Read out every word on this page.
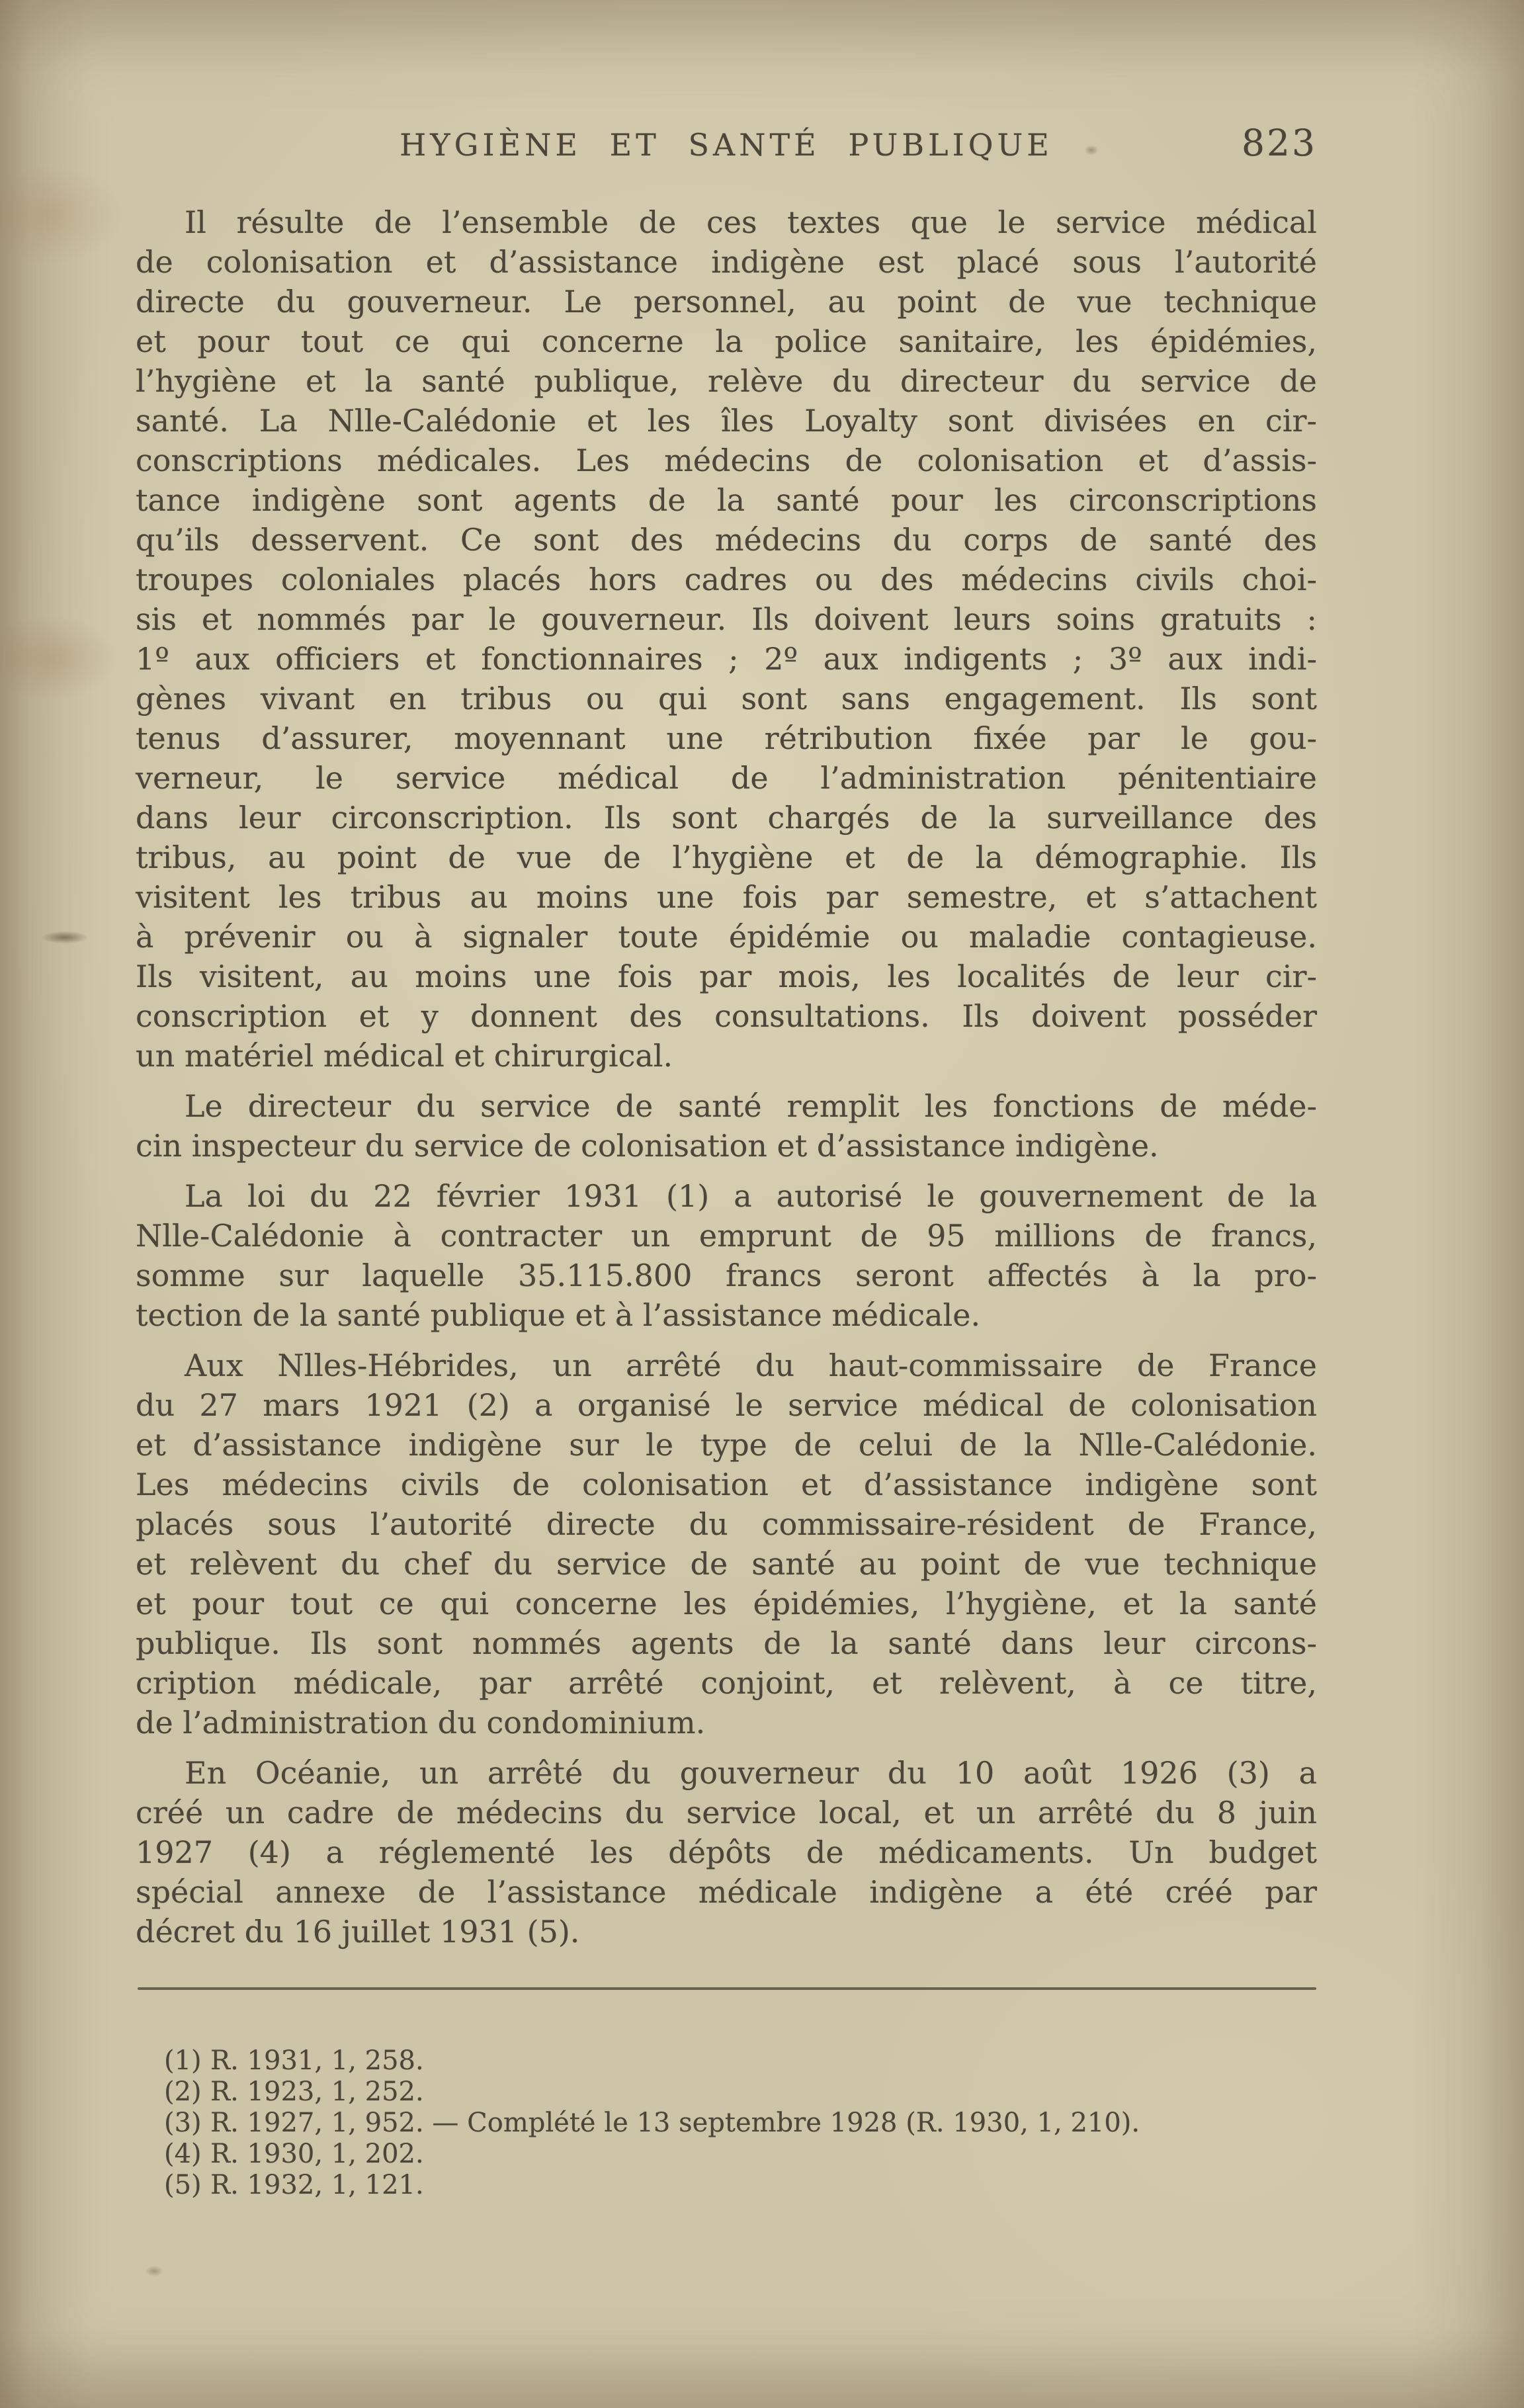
HYGIÈNE ET SANTÉ PUBLIQUE	823
Il résulte de l’ensemble de ces textes que le service médical
de colonisation et d’assistance indigène est placé sous l’autorité
directe du gouverneur. Le personnel, au point de vue technique
et pour tout ce qui concerne la police sanitaire, les épidémies,
l’hygiène et la santé publique, relève du directeur du service de
santé. La Nlle-Calédonie et les îles Loyalty sont divisées en cir-
conscriptions médicales. Les médecins de colonisation et d’assis-
tance indigène sont agents de la santé pour les circonscriptions
qu’ils desservent. Ce sont des médecins du corps de santé des
troupes coloniales placés hors cadres ou des médecins civils choi-
sis et nommés par le gouverneur. Ils doivent leurs soins gratuits :
1º aux officiers et fonctionnaires ; 2º aux indigents ; 3º aux indi-
gènes vivant en tribus ou qui sont sans engagement. Ils sont
tenus d’assurer, moyennant une rétribution fixée par le gou-
verneur, le service médical de l’administration pénitentiaire
dans leur circonscription. Ils sont chargés de la surveillance des
tribus, au point de vue de l’hygiène et de la démographie. Ils
visitent les tribus au moins une fois par semestre, et s’attachent
à prévenir ou à signaler toute épidémie ou maladie contagieuse.
Ils visitent, au moins une fois par mois, les localités de leur cir-
conscription et y donnent des consultations. Ils doivent posséder
un matériel médical et chirurgical.
Le directeur du service de santé remplit les fonctions de méde-
cin inspecteur du service de colonisation et d’assistance indigène.
La loi du 22 février 1931 (1) a autorisé le gouvernement de la
Nlle-Calédonie à contracter un emprunt de 95 millions de francs,
somme sur laquelle 35.115.800 francs seront affectés à la pro-
tection de la santé publique et à l’assistance médicale.
Aux Nlles-Hébrides, un arrêté du haut-commissaire de France
du 27 mars 1921 (2) a organisé le service médical de colonisation
et d’assistance indigène sur le type de celui de la Nlle-Calédonie.
Les médecins civils de colonisation et d’assistance indigène sont
placés sous l’autorité directe du commissaire-résident de France,
et relèvent du chef du service de santé au point de vue technique
et pour tout ce qui concerne les épidémies, l’hygiène, et la santé
publique. Ils sont nommés agents de la santé dans leur circons-
cription médicale, par arrêté conjoint, et relèvent, à ce titre,
de l’administration du condominium.
En Océanie, un arrêté du gouverneur du 10 août 1926 (3) a
créé un cadre de médecins du service local, et un arrêté du 8 juin
1927 (4) a réglementé les dépôts de médicaments. Un budget
spécial annexe de l’assistance médicale indigène a été créé par
décret du 16 juillet 1931 (5).
(1) R. 1931, 1, 258.
(2) R. 1923, 1, 252.
(3) R. 1927, 1, 952. — Complété le 13 septembre 1928 (R. 1930, 1, 210).
(4) R. 1930, 1, 202.
(5) R. 1932, 1, 121.
